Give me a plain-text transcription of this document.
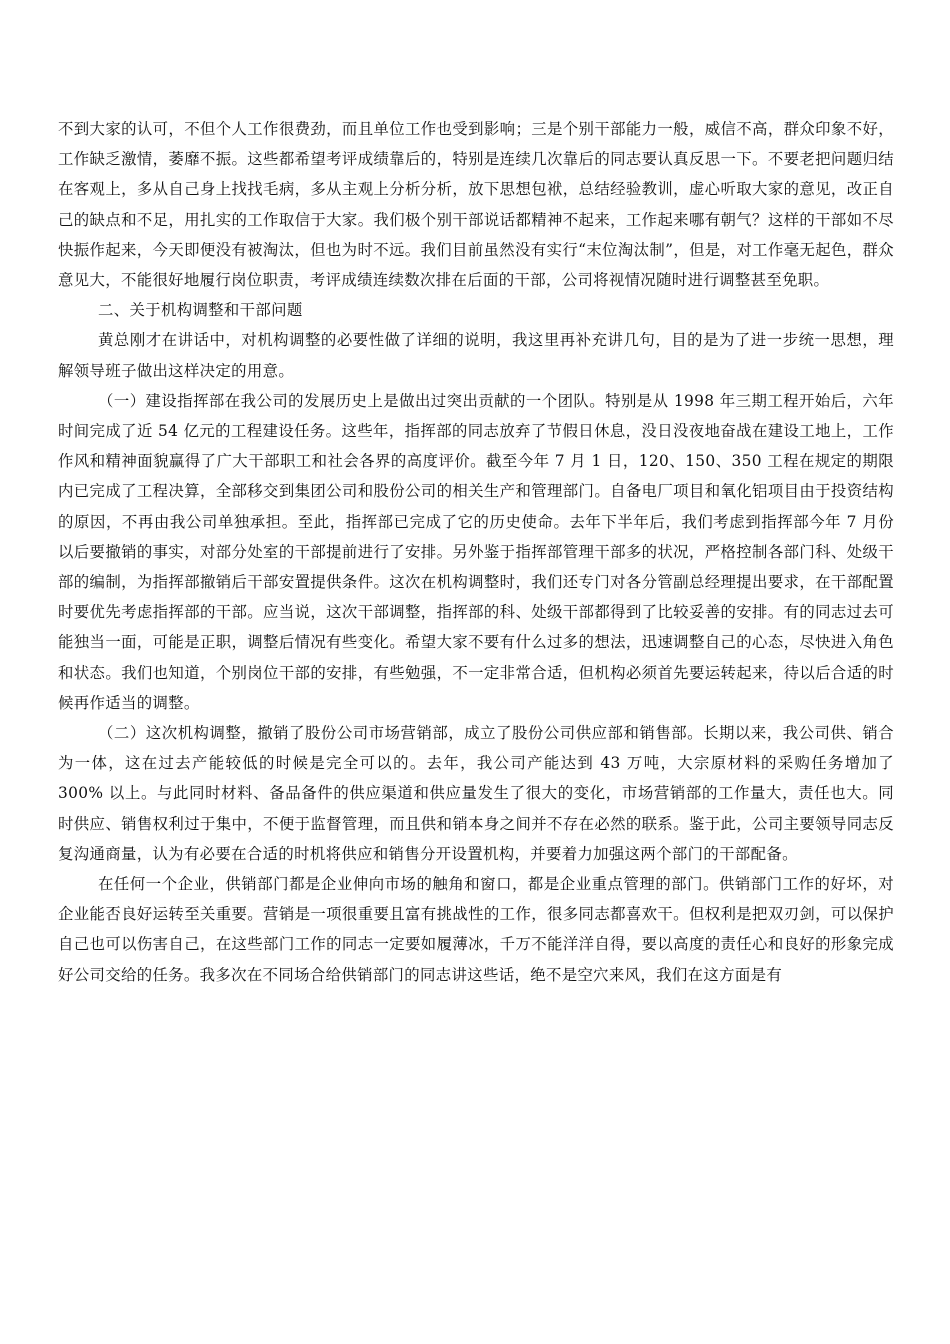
不到大家的认可，不但个人工作很费劲，而且单位工作也受到影响；三是个别干部能力一般，威信不高，群众印象不好，工作缺乏激情，萎靡不振。这些都希望考评成绩靠后的，特别是连续几次靠后的同志要认真反思一下。不要老把问题归结在客观上，多从自己身上找找毛病，多从主观上分析分析，放下思想包袱，总结经验教训，虚心听取大家的意见，改正自己的缺点和不足，用扎实的工作取信于大家。我们极个别干部说话都精神不起来，工作起来哪有朝气？这样的干部如不尽快振作起来，今天即便没有被淘汰，但也为时不远。我们目前虽然没有实行“末位淘汰制”，但是，对工作毫无起色，群众意见大，不能很好地履行岗位职责，考评成绩连续数次排在后面的干部，公司将视情况随时进行调整甚至免职。

二、关于机构调整和干部问题

黄总刚才在讲话中，对机构调整的必要性做了详细的说明，我这里再补充讲几句，目的是为了进一步统一思想，理解领导班子做出这样决定的用意。

（一）建设指挥部在我公司的发展历史上是做出过突出贡献的一个团队。特别是从 1998 年三期工程开始后，六年时间完成了近 54 亿元的工程建设任务。这些年，指挥部的同志放弃了节假日休息，没日没夜地奋战在建设工地上，工作作风和精神面貌赢得了广大干部职工和社会各界的高度评价。截至今年 7 月 1 日，120、150、350 工程在规定的期限内已完成了工程决算，全部移交到集团公司和股份公司的相关生产和管理部门。自备电厂项目和氧化铝项目由于投资结构的原因，不再由我公司单独承担。至此，指挥部已完成了它的历史使命。去年下半年后，我们考虑到指挥部今年 7 月份以后要撤销的事实，对部分处室的干部提前进行了安排。另外鉴于指挥部管理干部多的状况，严格控制各部门科、处级干部的编制，为指挥部撤销后干部安置提供条件。这次在机构调整时，我们还专门对各分管副总经理提出要求，在干部配置时要优先考虑指挥部的干部。应当说，这次干部调整，指挥部的科、处级干部都得到了比较妥善的安排。有的同志过去可能独当一面，可能是正职，调整后情况有些变化。希望大家不要有什么过多的想法，迅速调整自己的心态，尽快进入角色和状态。我们也知道，个别岗位干部的安排，有些勉强，不一定非常合适，但机构必须首先要运转起来，待以后合适的时候再作适当的调整。

（二）这次机构调整，撤销了股份公司市场营销部，成立了股份公司供应部和销售部。长期以来，我公司供、销合为一体，这在过去产能较低的时候是完全可以的。去年，我公司产能达到 43 万吨，大宗原材料的采购任务增加了 300% 以上。与此同时材料、备品备件的供应渠道和供应量发生了很大的变化，市场营销部的工作量大，责任也大。同时供应、销售权利过于集中，不便于监督管理，而且供和销本身之间并不存在必然的联系。鉴于此，公司主要领导同志反复沟通商量，认为有必要在合适的时机将供应和销售分开设置机构，并要着力加强这两个部门的干部配备。

在任何一个企业，供销部门都是企业伸向市场的触角和窗口，都是企业重点管理的部门。供销部门工作的好坏，对企业能否良好运转至关重要。营销是一项很重要且富有挑战性的工作，很多同志都喜欢干。但权利是把双刃剑，可以保护自己也可以伤害自己，在这些部门工作的同志一定要如履薄冰，千万不能洋洋自得，要以高度的责任心和良好的形象完成好公司交给的任务。我多次在不同场合给供销部门的同志讲这些话，绝不是空穴来风，我们在这方面是有
